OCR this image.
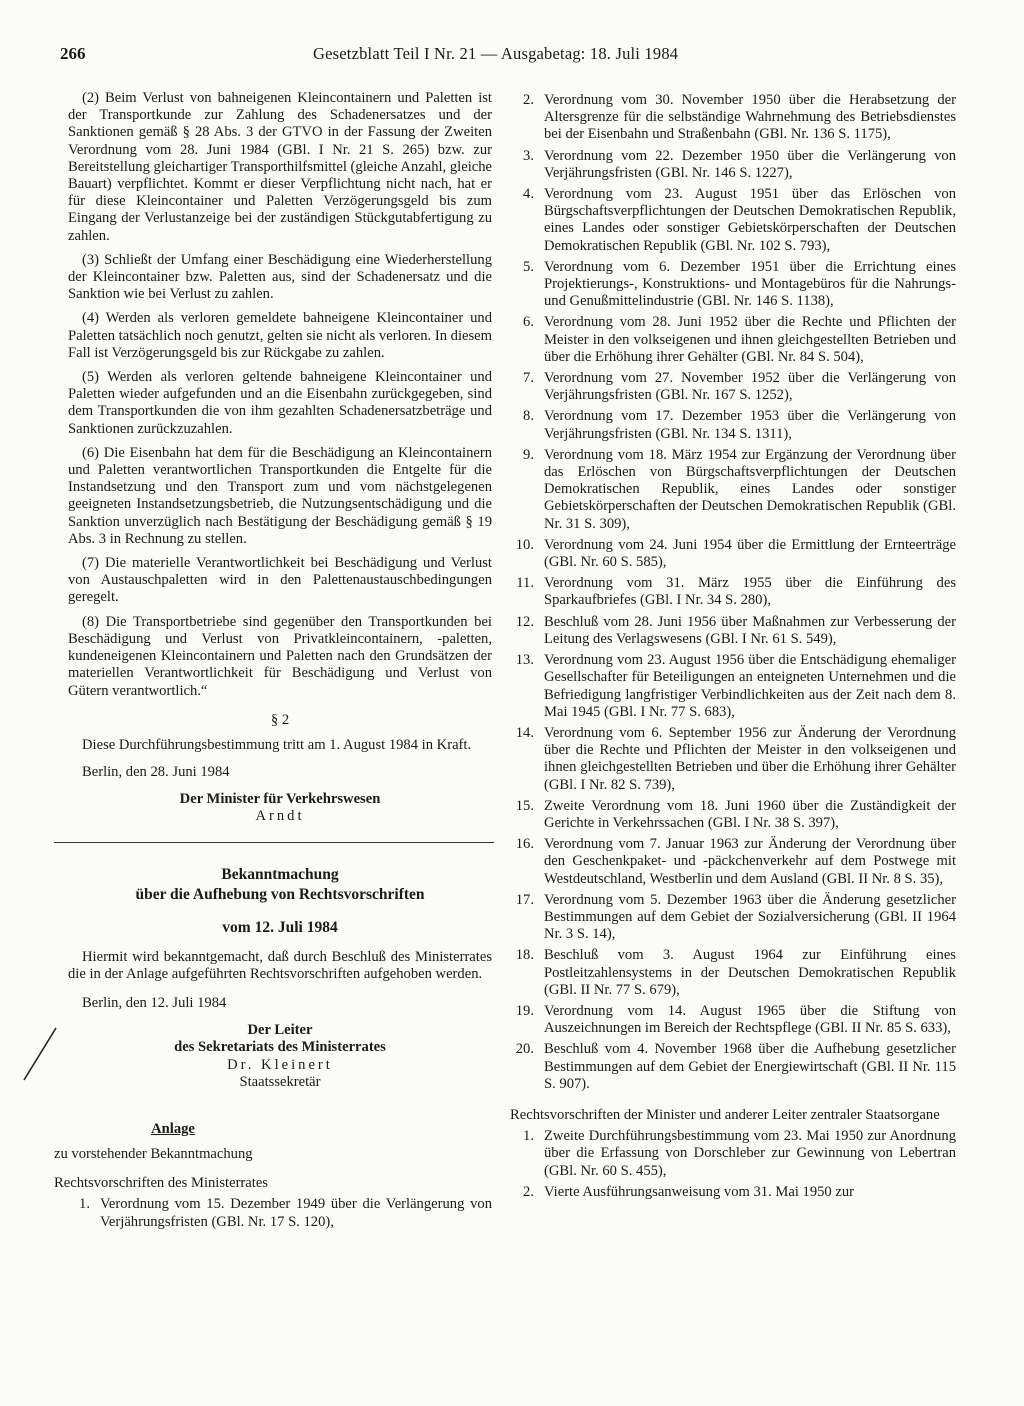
266	Gesetzblatt Teil I Nr. 21 — Ausgabetag: 18. Juli 1984

(2) Beim Verlust von bahneigenen Kleincontainern und Paletten ist der Transportkunde zur Zahlung des Schadenersatzes und der Sanktionen gemäß § 28 Abs. 3 der GTVO in der Fassung der Zweiten Verordnung vom 28. Juni 1984 (GBl. I Nr. 21 S. 265) bzw. zur Bereitstellung gleichartiger Transporthilfsmittel (gleiche Anzahl, gleiche Bauart) verpflichtet. Kommt er dieser Verpflichtung nicht nach, hat er für diese Kleincontainer und Paletten Verzögerungsgeld bis zum Eingang der Verlustanzeige bei der zuständigen Stückgutabfertigung zu zahlen.

(3) Schließt der Umfang einer Beschädigung eine Wiederherstellung der Kleincontainer bzw. Paletten aus, sind der Schadenersatz und die Sanktion wie bei Verlust zu zahlen.

(4) Werden als verloren gemeldete bahneigene Kleincontainer und Paletten tatsächlich noch genutzt, gelten sie nicht als verloren. In diesem Fall ist Verzögerungsgeld bis zur Rückgabe zu zahlen.

(5) Werden als verloren geltende bahneigene Kleincontainer und Paletten wieder aufgefunden und an die Eisenbahn zurückgegeben, sind dem Transportkunden die von ihm gezahlten Schadenersatzbeträge und Sanktionen zurückzuzahlen.

(6) Die Eisenbahn hat dem für die Beschädigung an Kleincontainern und Paletten verantwortlichen Transportkunden die Entgelte für die Instandsetzung und den Transport zum und vom nächstgelegenen geeigneten Instandsetzungsbetrieb, die Nutzungsentschädigung und die Sanktion unverzüglich nach Bestätigung der Beschädigung gemäß § 19 Abs. 3 in Rechnung zu stellen.

(7) Die materielle Verantwortlichkeit bei Beschädigung und Verlust von Austauschpaletten wird in den Palettenaustauschbedingungen geregelt.

(8) Die Transportbetriebe sind gegenüber den Transportkunden bei Beschädigung und Verlust von Privatkleincontainern, -paletten, kundeneigenen Kleincontainern und Paletten nach den Grundsätzen der materiellen Verantwortlichkeit für Beschädigung und Verlust von Gütern verantwortlich.“

§ 2

Diese Durchführungsbestimmung tritt am 1. August 1984 in Kraft.

Berlin, den 28. Juni 1984

Der Minister für Verkehrswesen
Arndt
Bekanntmachung
über die Aufhebung von Rechtsvorschriften
vom 12. Juli 1984

Hiermit wird bekanntgemacht, daß durch Beschluß des Ministerrates die in der Anlage aufgeführten Rechtsvorschriften aufgehoben werden.

Berlin, den 12. Juli 1984

Der Leiter
des Sekretariats des Ministerrates
Dr. Kleinert
Staatssekretär
Anlage

zu vorstehender Bekanntmachung

Rechtsvorschriften des Ministerrates

1. Verordnung vom 15. Dezember 1949 über die Verlängerung von Verjährungsfristen (GBl. Nr. 17 S. 120),
2. Verordnung vom 30. November 1950 über die Herabsetzung der Altersgrenze für die selbständige Wahrnehmung des Betriebsdienstes bei der Eisenbahn und Straßenbahn (GBl. Nr. 136 S. 1175),
3. Verordnung vom 22. Dezember 1950 über die Verlängerung von Verjährungsfristen (GBl. Nr. 146 S. 1227),
4. Verordnung vom 23. August 1951 über das Erlöschen von Bürgschaftsverpflichtungen der Deutschen Demokratischen Republik, eines Landes oder sonstiger Gebietskörperschaften der Deutschen Demokratischen Republik (GBl. Nr. 102 S. 793),
5. Verordnung vom 6. Dezember 1951 über die Errichtung eines Projektierungs-, Konstruktions- und Montagebüros für die Nahrungs- und Genußmittelindustrie (GBl. Nr. 146 S. 1138),
6. Verordnung vom 28. Juni 1952 über die Rechte und Pflichten der Meister in den volkseigenen und ihnen gleichgestellten Betrieben und über die Erhöhung ihrer Gehälter (GBl. Nr. 84 S. 504),
7. Verordnung vom 27. November 1952 über die Verlängerung von Verjährungsfristen (GBl. Nr. 167 S. 1252),
8. Verordnung vom 17. Dezember 1953 über die Verlängerung von Verjährungsfristen (GBl. Nr. 134 S. 1311),
9. Verordnung vom 18. März 1954 zur Ergänzung der Verordnung über das Erlöschen von Bürgschaftsverpflichtungen der Deutschen Demokratischen Republik, eines Landes oder sonstiger Gebietskörperschaften der Deutschen Demokratischen Republik (GBl. Nr. 31 S. 309),
10. Verordnung vom 24. Juni 1954 über die Ermittlung der Ernteerträge (GBl. Nr. 60 S. 585),
11. Verordnung vom 31. März 1955 über die Einführung des Sparkaufbriefes (GBl. I Nr. 34 S. 280),
12. Beschluß vom 28. Juni 1956 über Maßnahmen zur Verbesserung der Leitung des Verlagswesens (GBl. I Nr. 61 S. 549),
13. Verordnung vom 23. August 1956 über die Entschädigung ehemaliger Gesellschafter für Beteiligungen an enteigneten Unternehmen und die Befriedigung langfristiger Verbindlichkeiten aus der Zeit nach dem 8. Mai 1945 (GBl. I Nr. 77 S. 683),
14. Verordnung vom 6. September 1956 zur Änderung der Verordnung über die Rechte und Pflichten der Meister in den volkseigenen und ihnen gleichgestellten Betrieben und über die Erhöhung ihrer Gehälter (GBl. I Nr. 82 S. 739),
15. Zweite Verordnung vom 18. Juni 1960 über die Zuständigkeit der Gerichte in Verkehrssachen (GBl. I Nr. 38 S. 397),
16. Verordnung vom 7. Januar 1963 zur Änderung der Verordnung über den Geschenkpaket- und -päckchenverkehr auf dem Postwege mit Westdeutschland, Westberlin und dem Ausland (GBl. II Nr. 8 S. 35),
17. Verordnung vom 5. Dezember 1963 über die Änderung gesetzlicher Bestimmungen auf dem Gebiet der Sozialversicherung (GBl. II 1964 Nr. 3 S. 14),
18. Beschluß vom 3. August 1964 zur Einführung eines Postleitzahlensystems in der Deutschen Demokratischen Republik (GBl. II Nr. 77 S. 679),
19. Verordnung vom 14. August 1965 über die Stiftung von Auszeichnungen im Bereich der Rechtspflege (GBl. II Nr. 85 S. 633),
20. Beschluß vom 4. November 1968 über die Aufhebung gesetzlicher Bestimmungen auf dem Gebiet der Energiewirtschaft (GBl. II Nr. 115 S. 907).

Rechtsvorschriften der Minister und anderer Leiter zentraler Staatsorgane

1. Zweite Durchführungsbestimmung vom 23. Mai 1950 zur Anordnung über die Erfassung von Dorschleber zur Gewinnung von Lebertran (GBl. Nr. 60 S. 455),
2. Vierte Ausführungsanweisung vom 31. Mai 1950 zur
